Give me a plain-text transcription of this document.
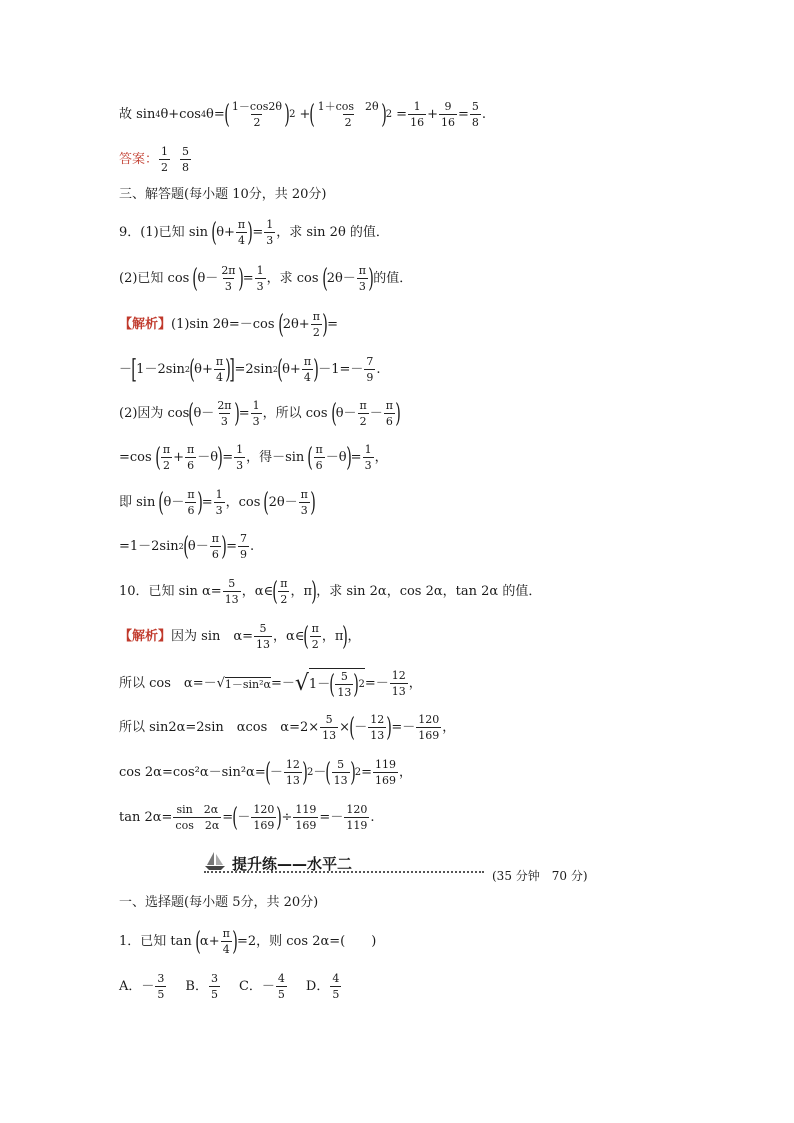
故 sin 4 θ +cos 4 θ = ( $\frac{1-\cos 2\theta}{2}$ ) 2 + ( $\frac{1+\cos 2\theta}{2}$ ) $2 = \frac{1}{16} + \frac{9}{16} = \frac{5}{8}$ .
答案： $\frac{1}{2} \frac{5}{8}$
三、解答题(每小题 10分，共 20分)
9．(1)已知 sin ( $\theta+ \frac{\pi}{4}$ ) = $\frac{1}{3}$ ，求 sin 2θ 的值．
(2)已知 cos ( $\theta- \frac{2\pi}{3}$ ) = $\frac{1}{3}$ ，求 cos ( $2\theta- \frac{\pi}{3}$ ) 的值．
【解析】 (1)sin 2θ=－cos ( $2\theta+ \frac{\pi}{2}$ ) =
－ [ 1－2sin 2 ( $\theta+ \frac{\pi}{4}$ )
] =2sin 2 ( $\theta+ \frac{\pi}{4}$ ) $-1=- \frac{7}{9}$ .
(2)因为 cos ( $\theta- \frac{2\pi}{3}$ ) = $\frac{1}{3}$ ，所以 cos ( $\theta- \frac{\pi}{2} - \frac{\pi}{6}$ )
=cos ( $\frac{\pi}{2} + \frac{\pi}{6} -\theta$ ) = $\frac{1}{3}$ ，得－sin ( $\frac{\pi}{6} -\theta$ ) = $\frac{1}{3}$ ，
即 sin ( $\theta- \frac{\pi}{6}$ ) = $\frac{1}{3}$ ，cos ( $2\theta- \frac{\pi}{3}$ )
=1－2sin 2 ( $\theta- \frac{\pi}{6}$ ) = $\frac{7}{9}$ .
10．已知 $\sin \alpha= \frac{5}{13}$ ，α∈ ( $\frac{\pi}{2}$ ，π ) ，求 sin 2α，cos 2α，tan 2α 的值．
【解析】 因为 sin　$\alpha= \frac{5}{13}$ ，α∈ ( $\frac{\pi}{2}$ ，π ) ，
所以 cos　α=－ √ 1－sin²α =－ √ 1－ ( $\frac{5}{13}$ ) $2 =- \frac{12}{13}$ ，
所以 sin2α=2sin　αcos　$\alpha=2\times \frac{5}{13}$ × ( － $\frac{12}{13}$ ) =－ $\frac{120}{169}$ ，
cos 2α=cos²α－sin²α= ( － $\frac{12}{13}$ ) 2 － ( $\frac{5}{13}$ ) $2 = \frac{119}{169}$ ，
$\tan 2\alpha= \frac{\sin 2\alpha}{\cos 2\alpha}$ = ( － $\frac{120}{169}$ ) ÷ $\frac{119}{169} =- \frac{120}{119}$ .
提升练——水平二
(35 分钟　70 分)
一、选择题(每小题 5分，共 20分)
1．已知 tan ( $\alpha+ \frac{\pi}{4}$ ) =2，则 cos 2α=(　　)
A．－ $\frac{3}{5}$ B． $\frac{3}{5}$ C．－ $\frac{4}{5}$ D． $\frac{4}{5}$
